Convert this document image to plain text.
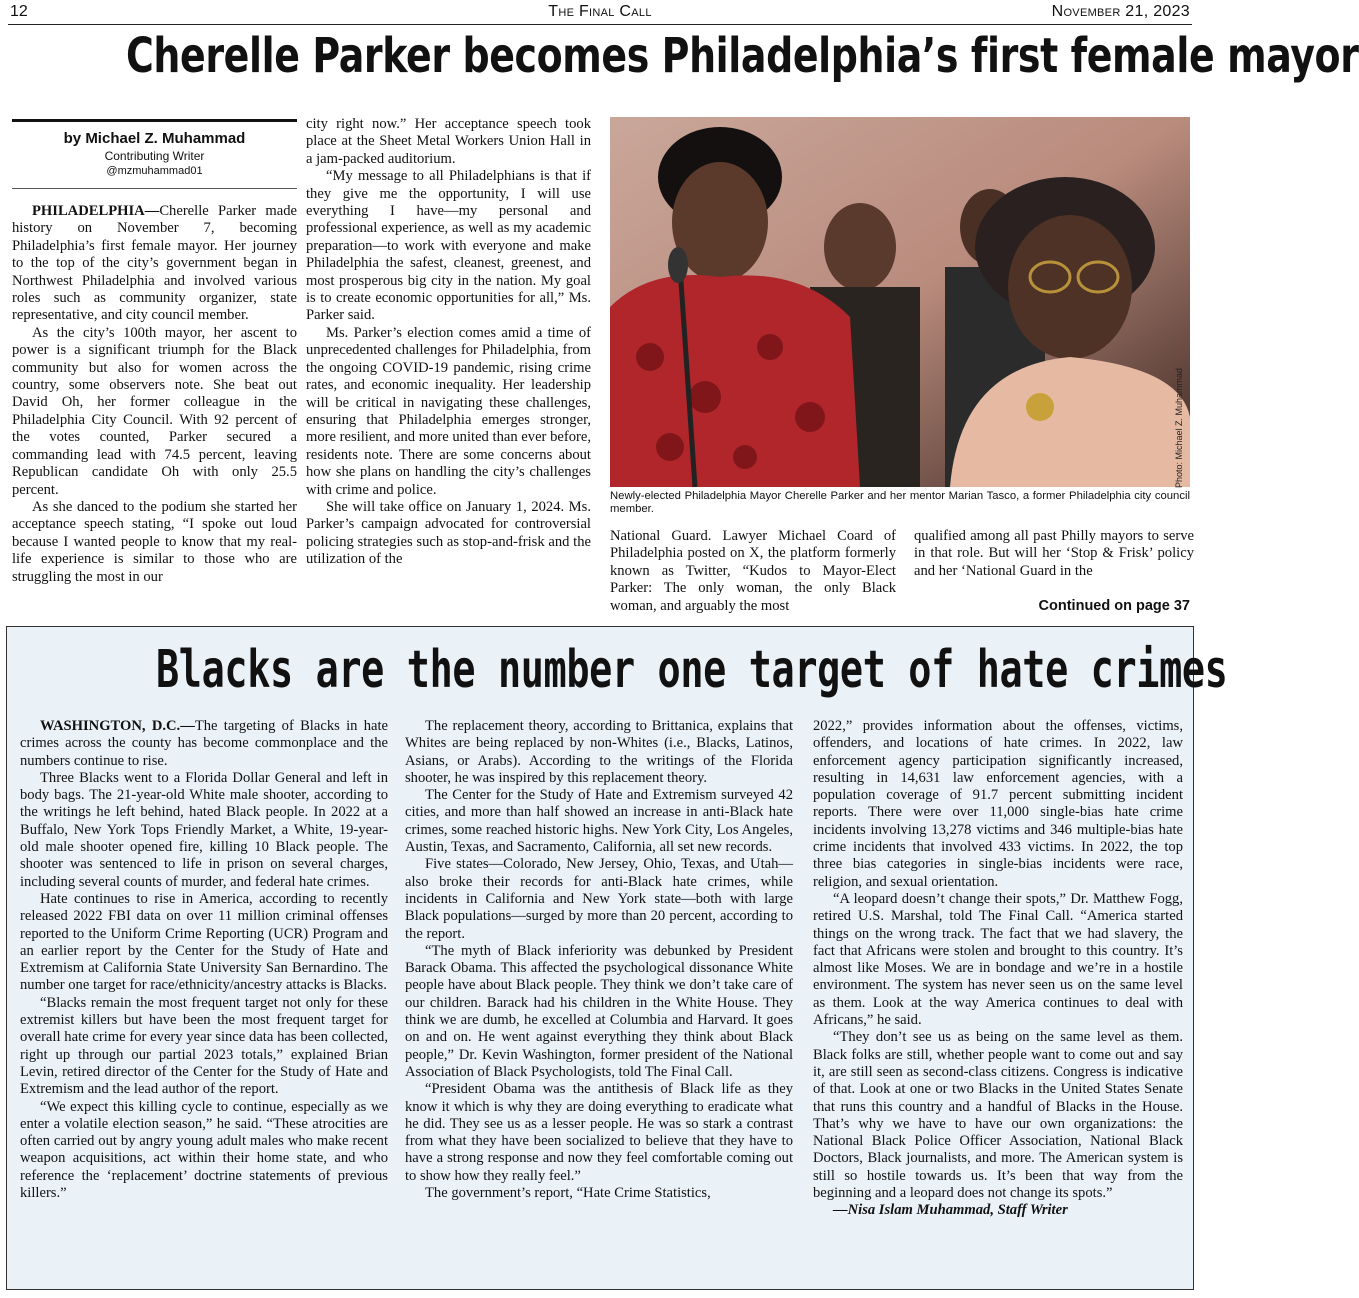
12	The Final Call	November 21, 2023
Cherelle Parker becomes Philadelphia’s first female mayor
by Michael Z. Muhammad
Contributing Writer
@mzmuhammad01

PHILADELPHIA—Cherelle Parker made history on November 7, becoming Philadelphia’s first female mayor. Her journey to the top of the city’s government began in Northwest Philadelphia and involved various roles such as community organizer, state representative, and city council member.

As the city’s 100th mayor, her ascent to power is a significant triumph for the Black community but also for women across the country, some observers note. She beat out David Oh, her former colleague in the Philadelphia City Council. With 92 percent of the votes counted, Parker secured a commanding lead with 74.5 percent, leaving Republican candidate Oh with only 25.5 percent.

As she danced to the podium she started her acceptance speech stating, “I spoke out loud because I wanted people to know that my real-life experience is similar to those who are struggling the most in our

city right now.” Her acceptance speech took place at the Sheet Metal Workers Union Hall in a jam-packed auditorium.

“My message to all Philadelphians is that if they give me the opportunity, I will use everything I have—my personal and professional experience, as well as my academic preparation—to work with everyone and make Philadelphia the safest, cleanest, greenest, and most prosperous big city in the nation. My goal is to create economic opportunities for all,” Ms. Parker said.

Ms. Parker’s election comes amid a time of unprecedented challenges for Philadelphia, from the ongoing COVID-19 pandemic, rising crime rates, and economic inequality. Her leadership will be critical in navigating these challenges, ensuring that Philadelphia emerges stronger, more resilient, and more united than ever before, residents note. There are some concerns about how she plans on handling the city’s challenges with crime and police.

She will take office on January 1, 2024. Ms. Parker’s campaign advocated for controversial policing strategies such as stop-and-frisk and the utilization of the

Photo: Michael Z. Muhammad
Newly-elected Philadelphia Mayor Cherelle Parker and her mentor Marian Tasco, a former Philadelphia city council member.

National Guard. Lawyer Michael Coard of Philadelphia posted on X, the platform formerly known as Twitter, “Kudos to Mayor-Elect Parker: The only woman, the only Black woman, and arguably the most

qualified among all past Philly mayors to serve in that role. But will her ‘Stop & Frisk’ policy and her ‘National Guard in the

Continued on page 37
Blacks are the number one target of hate crimes

WASHINGTON, D.C.—The targeting of Blacks in hate crimes across the county has become commonplace and the numbers continue to rise.

Three Blacks went to a Florida Dollar General and left in body bags. The 21-year-old White male shooter, according to the writings he left behind, hated Black people. In 2022 at a Buffalo, New York Tops Friendly Market, a White, 19-year-old male shooter opened fire, killing 10 Black people. The shooter was sentenced to life in prison on several charges, including several counts of murder, and federal hate crimes.

Hate continues to rise in America, according to recently released 2022 FBI data on over 11 million criminal offenses reported to the Uniform Crime Reporting (UCR) Program and an earlier report by the Center for the Study of Hate and Extremism at California State University San Bernardino. The number one target for race/ethnicity/ancestry attacks is Blacks.

“Blacks remain the most frequent target not only for these extremist killers but have been the most frequent target for overall hate crime for every year since data has been collected, right up through our partial 2023 totals,” explained Brian Levin, retired director of the Center for the Study of Hate and Extremism and the lead author of the report.

“We expect this killing cycle to continue, especially as we enter a volatile election season,” he said. “These atrocities are often carried out by angry young adult males who make recent weapon acquisitions, act within their home state, and who reference the ‘replacement’ doctrine statements of previous killers.”

The replacement theory, according to Brittanica, explains that Whites are being replaced by non-Whites (i.e., Blacks, Latinos, Asians, or Arabs). According to the writings of the Florida shooter, he was inspired by this replacement theory.

The Center for the Study of Hate and Extremism surveyed 42 cities, and more than half showed an increase in anti-Black hate crimes, some reached historic highs. New York City, Los Angeles, Austin, Texas, and Sacramento, California, all set new records.

Five states—Colorado, New Jersey, Ohio, Texas, and Utah—also broke their records for anti-Black hate crimes, while incidents in California and New York state—both with large Black populations—surged by more than 20 percent, according to the report.

“The myth of Black inferiority was debunked by President Barack Obama. This affected the psychological dissonance White people have about Black people. They think we don’t take care of our children. Barack had his children in the White House. They think we are dumb, he excelled at Columbia and Harvard. It goes on and on. He went against everything they think about Black people,” Dr. Kevin Washington, former president of the National Association of Black Psychologists, told The Final Call.

“President Obama was the antithesis of Black life as they know it which is why they are doing everything to eradicate what he did. They see us as a lesser people. He was so stark a contrast from what they have been socialized to believe that they have to have a strong response and now they feel comfortable coming out to show how they really feel.”

The government’s report, “Hate Crime Statistics,

2022,” provides information about the offenses, victims, offenders, and locations of hate crimes. In 2022, law enforcement agency participation significantly increased, resulting in 14,631 law enforcement agencies, with a population coverage of 91.7 percent submitting incident reports. There were over 11,000 single-bias hate crime incidents involving 13,278 victims and 346 multiple-bias hate crime incidents that involved 433 victims. In 2022, the top three bias categories in single-bias incidents were race, religion, and sexual orientation.

“A leopard doesn’t change their spots,” Dr. Matthew Fogg, retired U.S. Marshal, told The Final Call. “America started things on the wrong track. The fact that we had slavery, the fact that Africans were stolen and brought to this country. It’s almost like Moses. We are in bondage and we’re in a hostile environment. The system has never seen us on the same level as them. Look at the way America continues to deal with Africans,” he said.

“They don’t see us as being on the same level as them. Black folks are still, whether people want to come out and say it, are still seen as second-class citizens. Congress is indicative of that. Look at one or two Blacks in the United States Senate that runs this country and a handful of Blacks in the House. That’s why we have to have our own organizations: the National Black Police Officer Association, National Black Doctors, Black journalists, and more. The American system is still so hostile towards us. It’s been that way from the beginning and a leopard does not change its spots.”

—Nisa Islam Muhammad, Staff Writer
